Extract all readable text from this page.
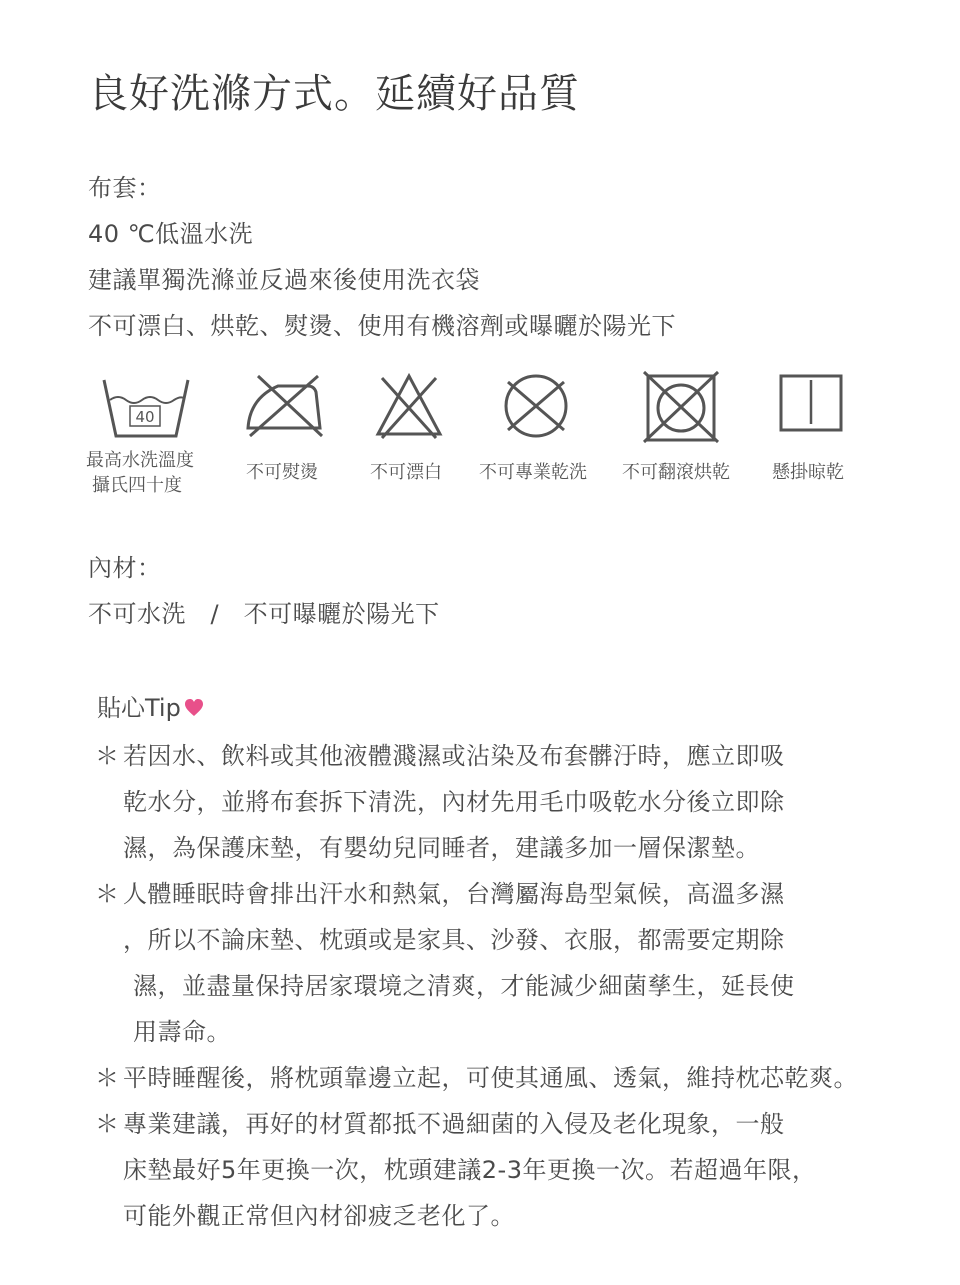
良好洗滌方式。延續好品質
布套：
40 ℃低溫水洗
建議單獨洗滌並反過來後使用洗衣袋
不可漂白、烘乾、熨燙、使用有機溶劑或曝曬於陽光下
40
最高水洗溫度
攝氏四十度
不可熨燙	不可漂白 不可專業乾洗 不可翻滾烘乾 懸掛晾乾
內材：
不可水洗　/　不可曝曬於陽光下
貼心Tip
＊ 若因水、飲料或其他液體濺濕或沾染及布套髒汙時，應立即吸
乾水分，並將布套拆下清洗，內材先用毛巾吸乾水分後立即除
濕，為保護床墊，有嬰幼兒同睡者，建議多加一層保潔墊。
＊ 人體睡眠時會排出汗水和熱氣，台灣屬海島型氣候，高溫多濕
，所以不論床墊、枕頭或是家具、沙發、衣服，都需要定期除
濕，並盡量保持居家環境之清爽，才能減少細菌孳生，延長使
用壽命。
＊ 平時睡醒後，將枕頭靠邊立起，可使其通風、透氣，維持枕芯乾爽。
＊ 專業建議，再好的材質都抵不過細菌的入侵及老化現象，一般
床墊最好5年更換一次，枕頭建議2-3年更換一次。若超過年限，
可能外觀正常但內材卻疲乏老化了。
